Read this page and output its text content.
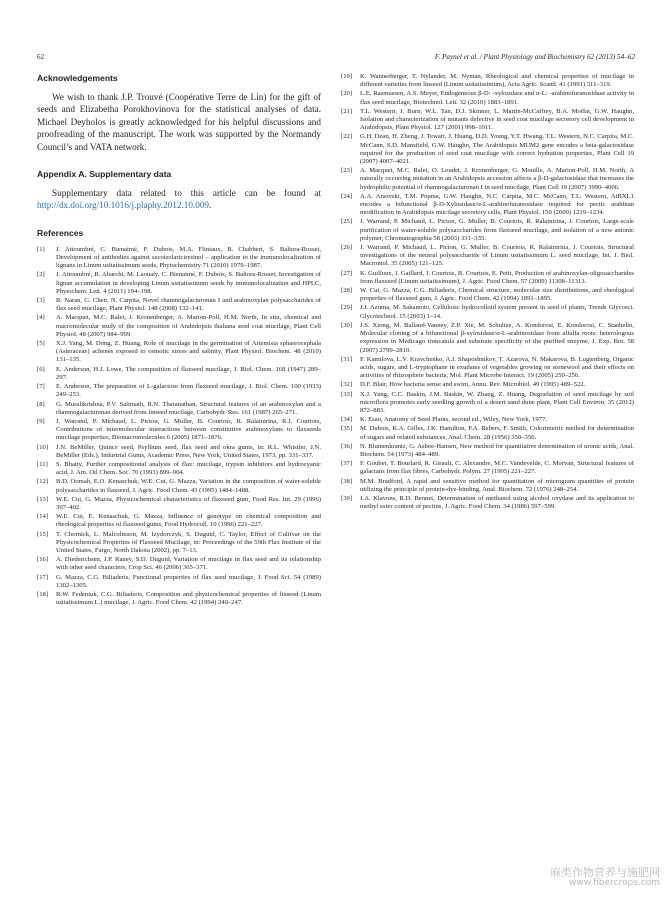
62	F. Paynel et al. / Plant Physiology and Biochemistry 62 (2013) 54–62
Acknowledgements

We wish to thank J.P. Trouvé (Coopérative Terre de Lin) for the gift of seeds and Elizabetha Porokhovinova for the statistical analyses of data. Michael Deyholos is greatly acknowledged for his helpful discussions and proofreading of the manuscript. The work was supported by the Normandy Council’s and VATA network.

Appendix A. Supplementary data

Supplementary data related to this article can be found at http://dx.doi.org/10.1016/j.plaphy.2012.10.009.

References
[1] J. Attoumbré, C. Bienaimé, F. Dubois, M.A. Fliniaux, B. Chabbert, S. Baltora-Rosset, Development of antibodies against secoisolariciresinol – application to the immunolocalization of lignans in Linum usitatissimum seeds, Phytochemistry 71 (2010) 1979–1987.
[2] J. Attoumbré, B. Abarchi, M. Laoualy, C. Bienaimé, F. Dubois, S. Baltora-Rosset, Investigation of lignan accumulation in developing Linum usitatissimum seeds by immunolocalization and HPLC, Phytochem. Lett. 4 (2011) 194–198.
[3] R. Naran, G. Chen, N. Carpita, Novel rhamnogalacturonan I and arabinoxylan polysaccharides of flax seed mucilage, Plant Physiol. 148 (2008) 132–141.
[4] A. Macquet, M.C. Ralet, J. Kronenberger, A. Marion-Poll, H.M. North, In situ, chemical and macromolecular study of the composition of Arabidopsis thaliana seed coat mucilage, Plant Cell Physiol. 48 (2007) 984–999.
[5] X.J. Yang, M. Dong, Z. Huang, Role of mucilage in the germination of Artemisia sphaerocephala (Asteraceae) achenes exposed to osmotic stress and salinity, Plant Physiol. Biochem. 48 (2010) 131–135.
[6] E. Anderson, H.J. Lowe, The composition of flaxseed mucilage, J. Biol. Chem. 168 (1947) 289–297.
[7] E. Anderson, The preparation of L-galactose from flaxseed mucilage, J. Biol. Chem. 100 (1933) 249–253.
[8] G. Muralikrishna, P.V. Salimath, R.N. Tharanathan, Structural features of an arabinoxylan and a rhamnogalacturonan derived from linseed mucilage, Carbohydr. Res. 161 (1987) 265–271.
[9] J. Warrand, P. Michaud, L. Picton, G. Muller, B. Courtois, R. Ralainirina, R.J. Courtois, Contributions of intermolecular interactions between constitutive arabinoxylans to flaxseeds mucilage properties, Biomacromolecules 6 (2005) 1871–1876.
[10] J.N. BeMiller, Quince seed, Psyllium seed, flax seed and okra gums, in: R.L. Whistler, J.N. BeMiller (Eds.), Industrial Gums, Academic Press, New York, United States, 1973, pp. 331–337.
[11] S. Bhatty, Further compositional analysis of flax: mucilage, trypsin inhibitors and hydrocyanic acid, J. Am. Oil Chem. Soc. 70 (1993) 899–904.
[12] B.D. Oomah, E.O. Kenaschuk, W.E. Cui, G. Mazza, Variation in the composition of water-soluble polysaccharides in flaxseed, J. Agric. Food Chem. 43 (1995) 1484–1488.
[13] W.E. Cui, G. Mazza, Physicochemical characteristics of flaxseed gum, Food Res. Int. 29 (1996) 397–402.
[14] W.E. Cui, E. Kenaschuk, G. Mazza, Influence of genotype on chemical composition and rheological properties of flaxseed gums, Food Hydrocoll. 10 (1996) 221–227.
[15] T. Chornick, L. Malcolmson, M. Izydorczyk, S. Duguid, C. Taylor, Effect of Cultivar on the Physicochemical Properties of Flaxseed Mucilage, in: Proceedings of the 59th Flax Institute of the United States, Fargo, North Dakota (2002), pp. 7–13.
[16] A. Diederichsen, J.P. Raney, S.D. Duguid, Variation of mucilage in flax seed and its relationship with other seed characters, Crop Sci. 46 (2006) 365–371.
[17] G. Mazza, C.G. Biliaderis, Functional properties of flax seed mucilage, J. Food Sci. 54 (1989) 1302–1305.
[18] R.W. Fedeniuk, C.G. Biliaderis, Composition and physicochemical properties of linseed (Linum usitatissimum L.) mucilage, J. Agric. Food Chem. 42 (1994) 240–247.
[19] K. Wannerberger, T. Nylander, M. Nyman, Rheological and chemical properties of mucilage in different varieties from linseed (Linum usitatissimum), Acta Agric. Scand. 41 (1991) 311–319.
[20] L.E. Rasmussen, A.S. Meyer, Endogeneous β-D: -xylosidase and α-L: -arabinofuranosidase activity in flax seed mucilage, Biotechnol. Lett. 32 (2010) 1883–1891.
[21] T.L. Western, J. Burn, W.L. Tan, D.J. Skinner, L. Martin-McCaffrey, B.A. Moffat, G.W. Haughn, Isolation and characterization of mutants defective in seed coat mucilage secretory cell development in Arabidopsis, Plant Physiol. 127 (2001) 998–1011.
[22] G.H. Dean, H. Zheng, J. Tewari, J. Huang, D.D. Young, Y.T. Hwang, T.L. Western, N.C. Carpita, M.C. McCann, S.D. Mansfield, G.W. Haughn, The Arabidopsis MUM2 gene encodes a beta-galactosidase required for the production of seed coat mucilage with correct hydration properties, Plant Cell 19 (2007) 4007–4021.
[23] A. Macquet, M.C. Ralet, O. Loudet, J. Kronenberger, G. Mouille, A. Marion-Poll, H.M. North, A naturally occurring mutation in an Arabidopsis accession affects a β-D-galactosidase that increases the hydrophilic potential of rhamnogalacturonan I in seed mucilage, Plant Cell 19 (2007) 3990–4006.
[24] A.A. Arsovski, T.M. Popma, G.W. Haughn, N.C. Carpita, M.C. McCann, T.L. Western, AtBXL1 encodes a bifunctional β-D-Xylosidase/α-L-arabinofuranosidase required for pectic arabinan modification in Arabidopsis mucilage secretory cells, Plant Physiol. 150 (2009) 1219–1234.
[25] J. Warrand, P. Michaud, L. Picton, G. Muller, B. Courtois, R. Ralainirina, J. Courtois, Large-scale purification of water-soluble polysaccharides from flaxseed mucilage, and isolation of a new anionic polymer, Chromatographia 58 (2003) 331–335.
[26] J. Warrand, P. Michaud, L. Picton, G. Muller, B. Courtois, R. Ralainirina, J. Courtois, Structural investigations of the neutral polysaccharide of Linum usitatissimum L. seed mucilage, Int. J. Biol. Macromol. 35 (2005) 121–125.
[27] K. Guilloux, I. Gaillard, J. Courtois, B. Courtois, E. Petit, Production of arabinoxylan-oligosaccharides from flaxseed (Linum usitatissimum), J. Agric. Food Chem. 57 (2009) 11308–11313.
[28] W. Cui, G. Mazza, C.G. Biliaderis, Chemical structure, molecular size distributions, and rheological properties of flaxseed gum, J. Agric. Food Chem. 42 (1994) 1891–1895.
[29] J.I. Azuma, M. Sakamoto, Cellulosic hydrocolloid system present in seed of plants, Trends Glycosci. Glycotechnol. 15 (2003) 1–14.
[30] J.S. Xiong, M. Balland-Vanney, Z.P. Xie, M. Schultze, A. Kondorosi, E. Kondorosi, C. Staehelin, Molecular cloning of a bifunctional β-xylosidase/α-L-arabinosidase from alfalfa roots: heterologous expression in Medicago truncatula and substrate specificity of the purified enzyme, J. Exp. Bot. 58 (2007) 2799–2810.
[31] F. Kamilova, L.V. Kravchenko, A.I. Shaposhnikov, T. Azarova, N. Makarova, B. Lugtenberg, Organic acids, sugars, and L-tryptophane in exudates of vegetables growing on stonewool and their effects on activities of rhizosphere bacteria, Mol. Plant Microbe Interact. 19 (2005) 250–256.
[32] D.F. Blair, How bacteria sense and swim, Annu. Rev. Microbiol. 49 (1995) 489–522.
[33] X.J. Yang, C.C. Baskin, J.M. Baskin, W. Zhang, Z. Huang, Degradation of seed mucilage by soil microflora promotes early seedling growth of a desert sand dune plant, Plant Cell Environ. 35 (2012) 872–883.
[34] K. Esau, Anatomy of Seed Plants, second ed., Wiley, New York, 1977.
[35] M. Dubois, K.A. Gilles, J.K. Hamilton, P.A. Rebers, F. Smith, Colorimetric method for determination of sugars and related substances, Anal. Chem. 28 (1956) 350–356.
[36] N. Blumenkrantz, G. Asboe-Hansen, New method for quantitative determination of uronic acids, Anal. Biochem. 54 (1973) 484–489.
[37] F. Goubet, T. Bourlard, R. Girault, C. Alexandre, M.C. Vandevelde, C. Morvan, Structural features of galactans from flax fibres, Carbohydr. Polym. 27 (1995) 221–227.
[38] M.M. Bradford, A rapid and sensitive method for quantitation of microgram quantities of protein utilizing the principle of protein-dye-binding, Anal. Biochem. 72 (1976) 248–254.
[39] J.A. Klavons, R.D. Bennet, Determination of methanol using alcohol oxydase and its application to methyl ester content of pectins, J. Agric. Food Chem. 34 (1986) 597–599.
麻类作物营养与施肥网
www.fibercrops.com
